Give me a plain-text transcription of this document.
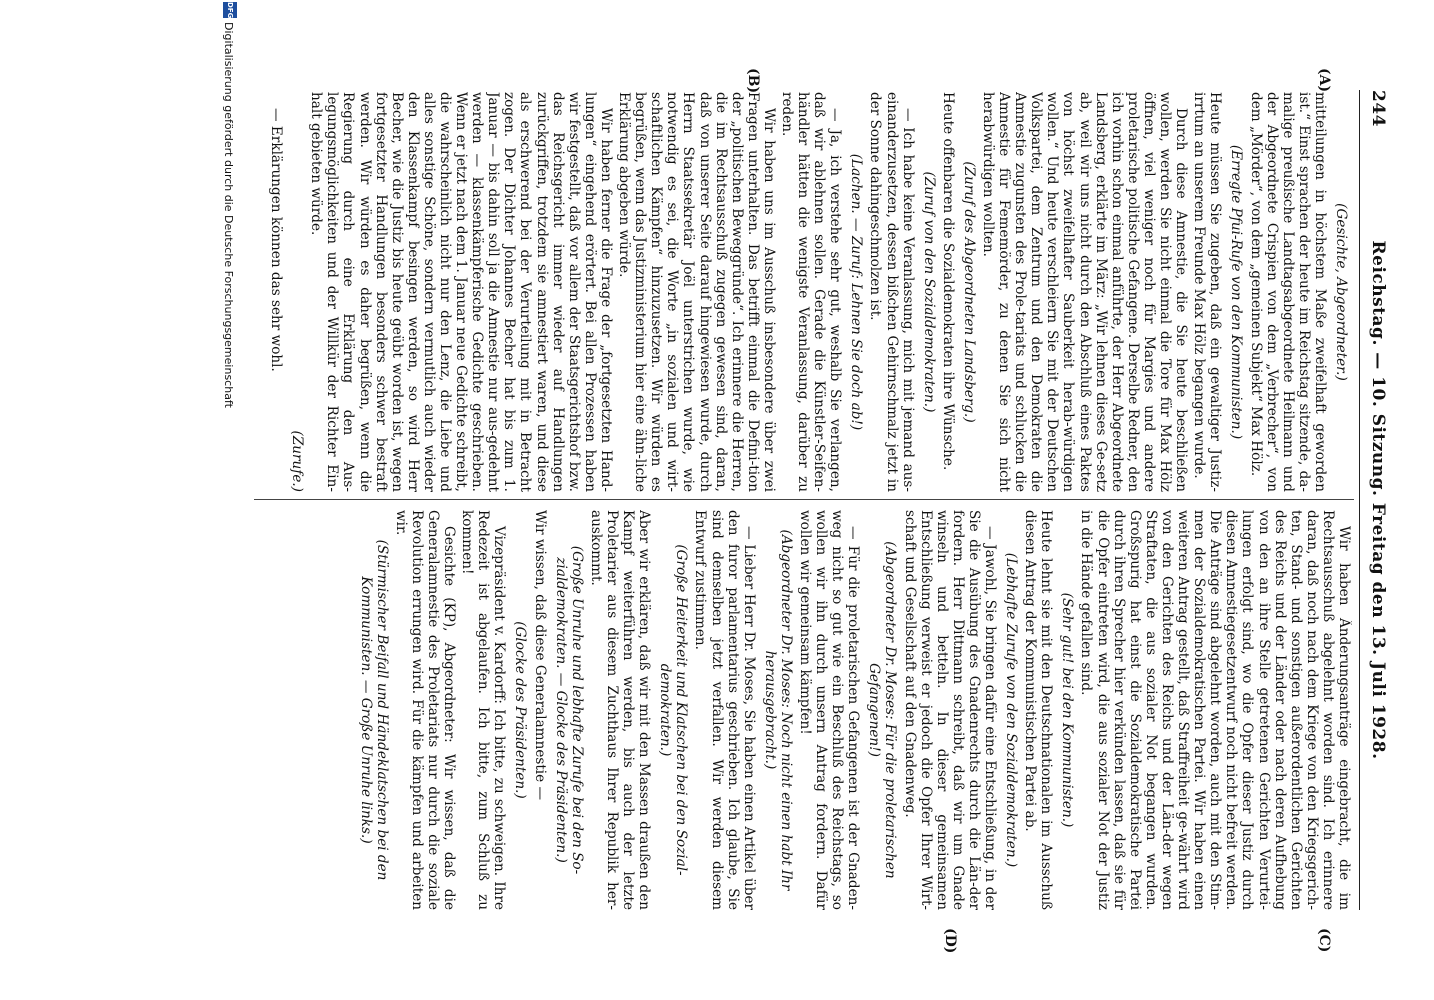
244
Reichstag. — 10. Sitzung. Freitag den 13. Juli 1928.
(A)
(B)
(C)
(D)

(Gesichte, Abgeordneter.)

mitteilungen in höchstem Maße zweifelhaft geworden ist.“ Einst sprachen der heute im Reichstag sitzende, da-malige preußische Landtagsabgeordnete Heilmann und der Abgeordnete Crispien von dem „Verbrecher“, von dem „Mörder“, von dem „gemeinen Subjekt“ Max Hölz.

(Erregte Pfui-Rufe von den Kommunisten.)

Heute müssen Sie zugeben, daß ein gewaltiger Justiz-irrtum an unserem Freunde Max Hölz begangen wurde.

Durch diese Amnestie, die Sie heute beschließen wollen, werden Sie nicht einmal die Tore für Max Hölz öffnen, viel weniger noch für Margies und andere proletarische politische Gefangene. Derselbe Redner, den ich vorhin schon einmal anführte, der Herr Abgeordnete Landsberg, erklärte im März: „Wir lehnen dieses Ge-setz ab, weil wir uns nicht durch den Abschluß eines Paktes von höchst zweifelhafter Sauberkeit herab-würdigen wollen.“ Und heute verschleiern Sie mit der Deutschen Volkspartei, dem Zentrum und den Demokraten die Amnestie zugunsten des Prole-tariats und schlucken die Amnestie für Fememörder, zu denen Sie sich nicht herabwürdigen wollten.

(Zuruf des Abgeordneten Landsberg.)

Heute offenbaren die Sozialdemokraten ihre Wünsche.

(Zuruf von den Sozialdemokraten.)

— Ich habe keine Veranlassung, mich mit jemand aus-einanderzusetzen, dessen bißchen Gehirnschmalz jetzt in der Sonne dahingeschmolzen ist.

(Lachen. — Zuruf: Lehnen Sie doch ab!)

— Ja, ich verstehe sehr gut, weshalb Sie verlangen, daß wir ablehnen sollen. Gerade die Künstler-Seifen-händler hätten die wenigste Veranlassung, darüber zu reden.

Wir haben uns im Ausschuß insbesondere über zwei Fragen unterhalten. Das betrifft einmal die Defini-tion der „politischen Beweggründe“. Ich erinnere die Herren, die im Rechtsausschuß zugegen gewesen sind, daran, daß von unserer Seite darauf hingewiesen wurde, durch Herrn Staatssekretär Joël unterstrichen wurde, wie notwendig es sei, die Worte „in sozialen und wirt-schaftlichen Kämpfen“ hinzuzusetzen. Wir würden es begrüßen, wenn das Justizministerium hier eine ähn-liche Erklärung abgeben würde.

Wir haben ferner die Frage der „fortgesetzten Hand-lungen“ eingehend erörtert. Bei allen Prozessen haben wir festgestellt, daß vor allem der Staatsgerichtshof bzw. das Reichsgericht immer wieder auf Handlungen zurückgriffen, trotzdem sie amnestiert waren, und diese als erschwerend bei der Verurteilung mit in Betracht zogen. Der Dichter Johannes Becher hat bis zum 1. Januar — bis dahin soll ja die Amnestie nur aus-gedehnt werden — klassenkämpferische Gedichte geschrieben. Wenn er jetzt nach dem 1. Januar neue Gedichte schreibt, die wahrscheinlich nicht nur den Lenz, die Liebe und alles sonstige Schöne, sondern vermutlich auch wieder den Klassenkampf besingen werden, so wird Herr Becher, wie die Justiz bis heute geübt worden ist, wegen fortgesetzter Handlungen besonders schwer bestraft werden. Wir würden es daher begrüßen, wenn die Regierung durch eine Erklärung den Aus-legungsmöglichkeiten und der Willkür der Richter Ein-halt gebieten würde.

(Zurufe.)

— Erklärungen können das sehr wohl.

Wir haben Änderungsanträge eingebracht, die im Rechtsausschuß abgelehnt worden sind. Ich erinnere daran, daß noch nach dem Kriege von den Kriegsgerich-ten, Stand- und sonstigen außerordentlichen Gerichten des Reichs und der Länder oder nach deren Aufhebung von den an ihre Stelle getretenen Gerichten Verurtei-lungen erfolgt sind, wo die Opfer dieser Justiz durch diesen Amnestiegesetzentwurf noch nicht befreit werden. Die Anträge sind abgelehnt worden, auch mit den Stim-men der Sozialdemokratischen Partei. Wir haben einen weiteren Antrag gestellt, daß Straffreiheit ge-währt wird von den Gerichten des Reichs und der Län-der wegen Straftaten, die aus sozialer Not begangen wurden. Großspurig hat einst die Sozialdemokratische Partei durch ihren Sprecher hier verkünden lassen, daß sie für die Opfer eintreten wird, die aus sozialer Not der Justiz in die Hände gefallen sind.

(Sehr gut! bei den Kommunisten.)

Heute lehnt sie mit den Deutschnationalen im Ausschuß diesen Antrag der Kommunistischen Partei ab.

(Lebhafte Zurufe von den Sozialdemokraten.)

— Jawohl, Sie bringen dafür eine Entschließung, in der Sie die Ausübung des Gnadenrechts durch die Län-der fordern. Herr Dittmann schreibt, daß wir um Gnade winseln und betteln. In dieser gemeinsamen Entschließung verweist er jedoch die Opfer Ihrer Wirt-schaft und Gesellschaft auf den Gnadenweg.

(Abgeordneter Dr. Moses: Für die proletarischen Gefangenen!)

— Für die proletarischen Gefangenen ist der Gnaden-weg nicht so gut wie ein Beschluß des Reichstags, so wollen wir ihn durch unsern Antrag fordern. Dafür wollen wir gemeinsam kämpfen!

(Abgeordneter Dr. Moses: Noch nicht einen habt Ihr herausgebracht.)

— Lieber Herr Dr. Moses, Sie haben einen Artikel über den furor parlamentarius geschrieben. Ich glaube, Sie sind demselben jetzt verfallen. Wir werden diesem Entwurf zustimmen.

(Große Heiterkeit und Klatschen bei den Sozial-demokraten.)

Aber wir erklären, daß wir mit den Massen draußen den Kampf weiterführen werden, bis auch der letzte Proletarier aus diesem Zuchthaus Ihrer Republik her-auskommt.

(Große Unruhe und lebhafte Zurufe bei den So-zialdemokraten. — Glocke des Präsidenten.)

Wir wissen, daß diese Generalamnestie —

(Glocke des Präsidenten.)

Vizepräsident v. Kardorff: Ich bitte, zu schweigen. Ihre Redezeit ist abgelaufen. Ich bitte, zum Schluß zu kommen!

Gesichte (KP), Abgeordneter: Wir wissen, daß die Generalamnestie des Proletariats nur durch die soziale Revolution errungen wird. Für die kämpfen und arbeiten wir.

(Stürmischer Beifall und Händeklatschen bei den Kommunisten. — Große Unruhe links.)

DFG
Digitalisierung gefördert durch die Deutsche Forschungsgemeinschaft
